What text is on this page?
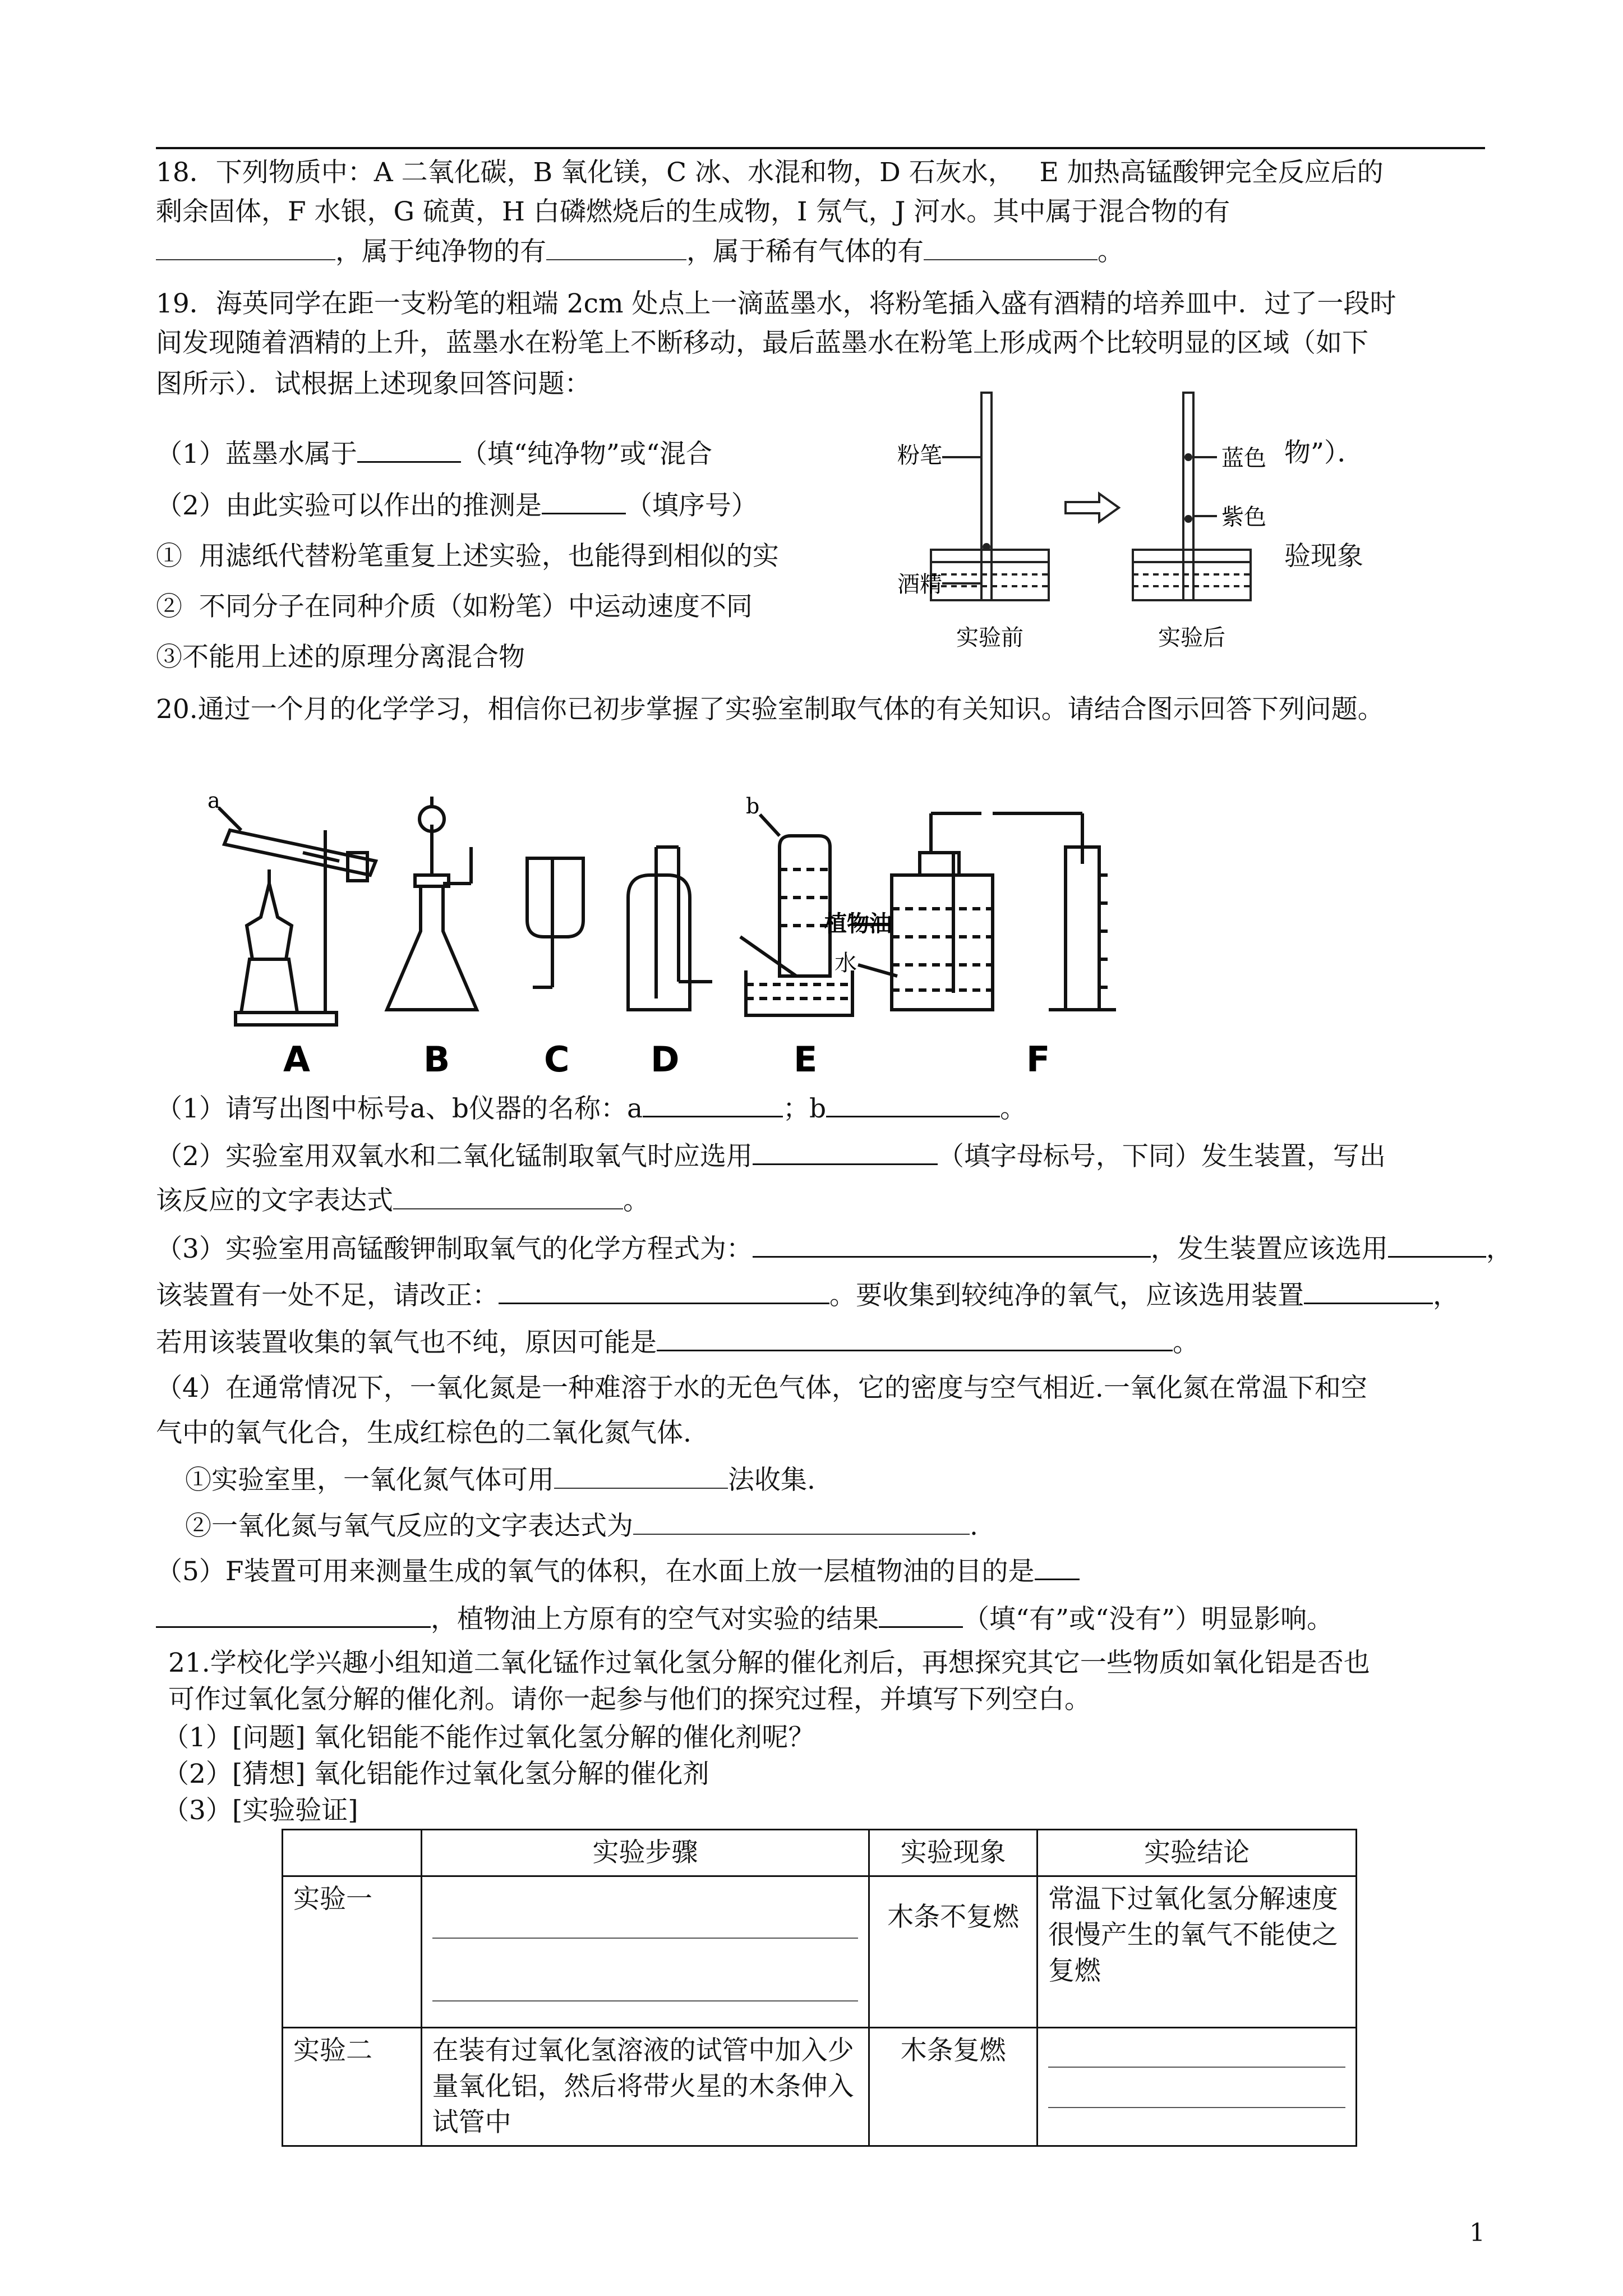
18．下列物质中：A 二氧化碳，B 氧化镁，C 冰、水混和物，D 石灰水，   E 加热高锰酸钾完全反应后的
剩余固体，F 水银，G 硫黄，H 白磷燃烧后的生成物，I 氖气，J 河水。其中属于混合物的有
，属于纯净物的有	，属于稀有气体的有	。
19．海英同学在距一支粉笔的粗端 2cm 处点上一滴蓝墨水，将粉笔插入盛有酒精的培养皿中．过了一段时
间发现随着酒精的上升，蓝墨水在粉笔上不断移动，最后蓝墨水在粉笔上形成两个比较明显的区域（如下
图所示）．试根据上述现象回答问题：
（1）蓝墨水属于	（填“纯净物”或“混合	物”）．
（2）由此实验可以作出的推测是	（填序号）
①  用滤纸代替粉笔重复上述实验，也能得到相似的实	验现象
②  不同分子在同种介质（如粉笔）中运动速度不同
③不能用上述的原理分离混合物
粉笔
酒精
蓝色
紫色
实验前	实验后
20.通过一个月的化学学习，相信你已初步掌握了实验室制取气体的有关知识。请结合图示回答下列问题。
a	b
植物油
水
A	B	C D	E	F
（1）请写出图中标号a、b仪器的名称：a	；b	。
（2）实验室用双氧水和二氧化锰制取氧气时应选用	（填字母标号，下同）发生装置，写出
该反应的文字表达式	。
（3）实验室用高锰酸钾制取氧气的化学方程式为：	，发生装置应该选用	，
该装置有一处不足，请改正：	。要收集到较纯净的氧气，应该选用装置	，
若用该装置收集的氧气也不纯，原因可能是	。
（4）在通常情况下，一氧化氮是一种难溶于水的无色气体，它的密度与空气相近.一氧化氮在常温下和空
气中的氧气化合，生成红棕色的二氧化氮气体.
①实验室里，一氧化氮气体可用	法收集.
②一氧化氮与氧气反应的文字表达式为	.
（5）F装置可用来测量生成的氧气的体积，在水面上放一层植物油的目的是
，植物油上方原有的空气对实验的结果	（填“有”或“没有”）明显影响。
21.学校化学兴趣小组知道二氧化锰作过氧化氢分解的催化剂后，再想探究其它一些物质如氧化铝是否也
可作过氧化氢分解的催化剂。请你一起参与他们的探究过程，并填写下列空白。
（1）[问题] 氧化铝能不能作过氧化氢分解的催化剂呢？
（2）[猜想] 氧化铝能作过氧化氢分解的催化剂
（3）[实验验证]
	实验步骤	实验现象	实验结论
实验一		木条不复燃	常温下过氧化氢分解速度很慢产生的氧气不能使之复燃
实验二	在装有过氧化氢溶液的试管中加入少量氧化铝，然后将带火星的木条伸入试管中	木条复燃	
1
